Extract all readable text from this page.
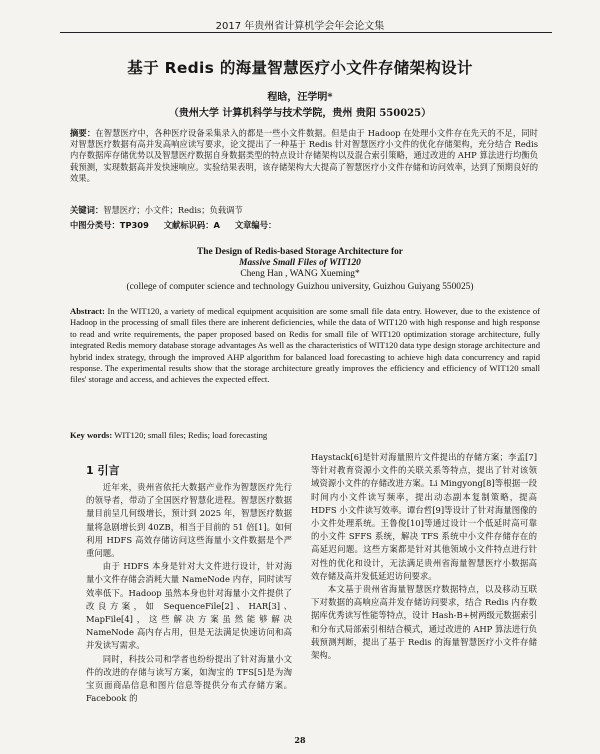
2017 年贵州省计算机学会年会论文集
基于 Redis 的海量智慧医疗小文件存储架构设计
程晗，汪学明*
（贵州大学 计算机科学与技术学院，贵州 贵阳 550025）
摘要：在智慧医疗中，各种医疗设备采集录入的都是一些小文件数据。但是由于 Hadoop 在处理小文件存在先天的不足，同时对智慧医疗数据有高并发高响应读写要求，论文提出了一种基于 Redis 针对智慧医疗小文件的优化存储架构，充分结合 Redis 内存数据库存储优势以及智慧医疗数据自身数据类型的特点设计存储架构以及混合索引策略，通过改进的 AHP 算法进行均衡负载预测，实现数据高并发快速响应。实验结果表明，该存储架构大大提高了智慧医疗小文件存储和访问效率，达到了预期良好的效果。
关键词：智慧医疗；小文件；Redis；负载调节
中图分类号：TP309 文献标识码：A 文章编号：
The Design of Redis-based Storage Architecture for
Massive Small Files of WIT120
Cheng Han , WANG Xueming*
(college of computer science and technology Guizhou university, Guizhou Guiyang 550025)
Abstract: In the WIT120, a variety of medical equipment acquisition are some small file data entry. However, due to the existence of Hadoop in the processing of small files there are inherent deficiencies, while the data of WIT120 with high response and high response to read and write requirements, the paper proposed based on Redis for small file of WIT120 optimization storage architecture, fully integrated Redis memory database storage advantages As well as the characteristics of WIT120 data type design storage architecture and hybrid index strategy, through the improved AHP algorithm for balanced load forecasting to achieve high data concurrency and rapid response. The experimental results show that the storage architecture greatly improves the efficiency and efficiency of WIT120 small files' storage and access, and achieves the expected effect.
Key words: WIT120; small files; Redis; load forecasting
1 引言

近年来，贵州省依托大数据产业作为智慧医疗先行的领导者，带动了全国医疗智慧化进程。智慧医疗数据量目前呈几何级增长，预计到 2025 年，智慧医疗数据量将急剧增长到 40ZB，相当于目前的 51 倍[1]。如何利用 HDFS 高效存储访问这些海量小文件数据是个严重问题。

由于 HDFS 本身是针对大文件进行设计，针对海量小文件存储会消耗大量 NameNode 内存，同时读写效率低下。Hadoop 虽然本身也针对海量小文件提供了改良方案，如 SequenceFile[2]、HAR[3]、MapFile[4]，这些解决方案虽然能够解决 NameNode 高内存占用，但是无法满足快速访问和高并发读写需求。

同时，科技公司和学者也纷纷提出了针对海量小文件的改进的存储与读写方案，如淘宝的 TFS[5]是为淘宝页面商品信息和图片信息等提供分布式存储方案。Facebook 的

Haystack[6]是针对海量照片文件提出的存储方案；李孟[7]等针对教育资源小文件的关联关系等特点，提出了针对该领域资源小文件的存储改进方案。Li Mingyong[8]等根据一段时间内小文件读写频率，提出动态副本复制策略，提高 HDFS 小文件读写效率。谭台哲[9]等设计了针对海量图像的小文件处理系统。王鲁俊[10]等通过设计一个低延时高可靠的小文件 SFFS 系统，解决 TFS 系统中小文件存储存在的高延迟问题。这些方案都是针对其他领域小文件特点进行针对性的优化和设计，无法满足贵州省海量智慧医疗小数据高效存储及高并发低延迟访问要求。

本文基于贵州省海量智慧医疗数据特点，以及移动互联下对数据的高响应高并发存储访问要求，结合 Redis 内存数据库优秀读写性能等特点，设计 Hash-B+树两级元数据索引和分布式局部索引相结合模式，通过改进的 AHP 算法进行负载预测判断，提出了基于 Redis 的海量智慧医疗小文件存储架构。

28
